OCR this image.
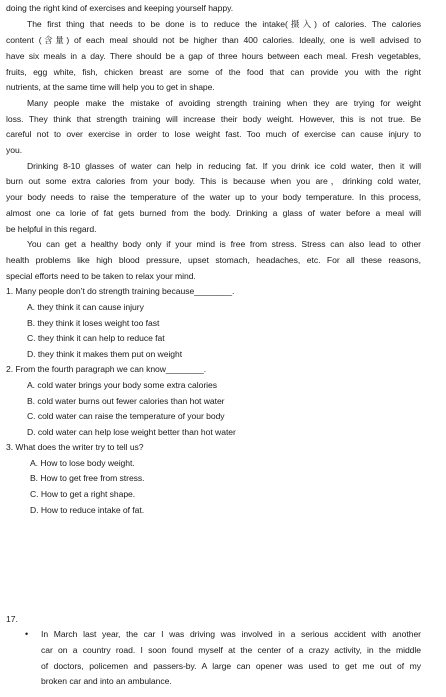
doing the right kind of exercises and keeping yourself happy.
The first thing that needs to be done is to reduce the intake(摄入) of calories. The calories
content (含量) of each meal should not be higher than 400 calories. Ideally, one is well advised to
have six meals in a day. There should be a gap of three hours between each meal. Fresh vegetables,
fruits, egg white, fish, chicken breast are some of the food that can provide you with the right
nutrients, at the same time will help you to get in shape.
Many people make the mistake of avoiding strength training when they are trying for weight
loss. They think that strength training will increase their body weight. However, this is not true. Be
careful not to over exercise in order to lose weight fast. Too much of exercise can cause injury to
you.
Drinking 8-10 glasses of water can help in reducing fat. If you drink ice cold water, then it will
burn out some extra calories from your body. This is because when you are，drinking cold water,
your body needs to raise the temperature of the water up to your body temperature. In this process,
almost one ca lorie of fat gets burned from the body. Drinking a glass of water before a meal will
be helpful in this regard.
You can get a healthy body only if your mind is free from stress. Stress can also lead to other
health problems like high blood pressure, upset stomach, headaches, etc. For all these reasons,
special efforts need to be taken to relax your mind.
1. Many people don’t do strength training because________.
A. they think it can cause injury
B. they think it loses weight too fast
C. they think it can help to reduce fat
D. they think it makes them put on weight
2. From the fourth paragraph we can know________.
A. cold water brings your body some extra calories
B. cold water burns out fewer calories than hot water
C. cold water can raise the temperature of your body
D. cold water can help lose weight better than hot water
3. What does the writer try to tell us?
A. How to lose body weight.
B. How to get free from stress.
C. How to get a right shape.
D. How to reduce intake of fat.
17.
• In March last year, the car I was driving was involved in a serious accident with another
car on a country road. I soon found myself at the center of a crazy activity, in the middle
of doctors, policemen and passers-by. A large can opener was used to get me out of my
broken car and into an ambulance.
